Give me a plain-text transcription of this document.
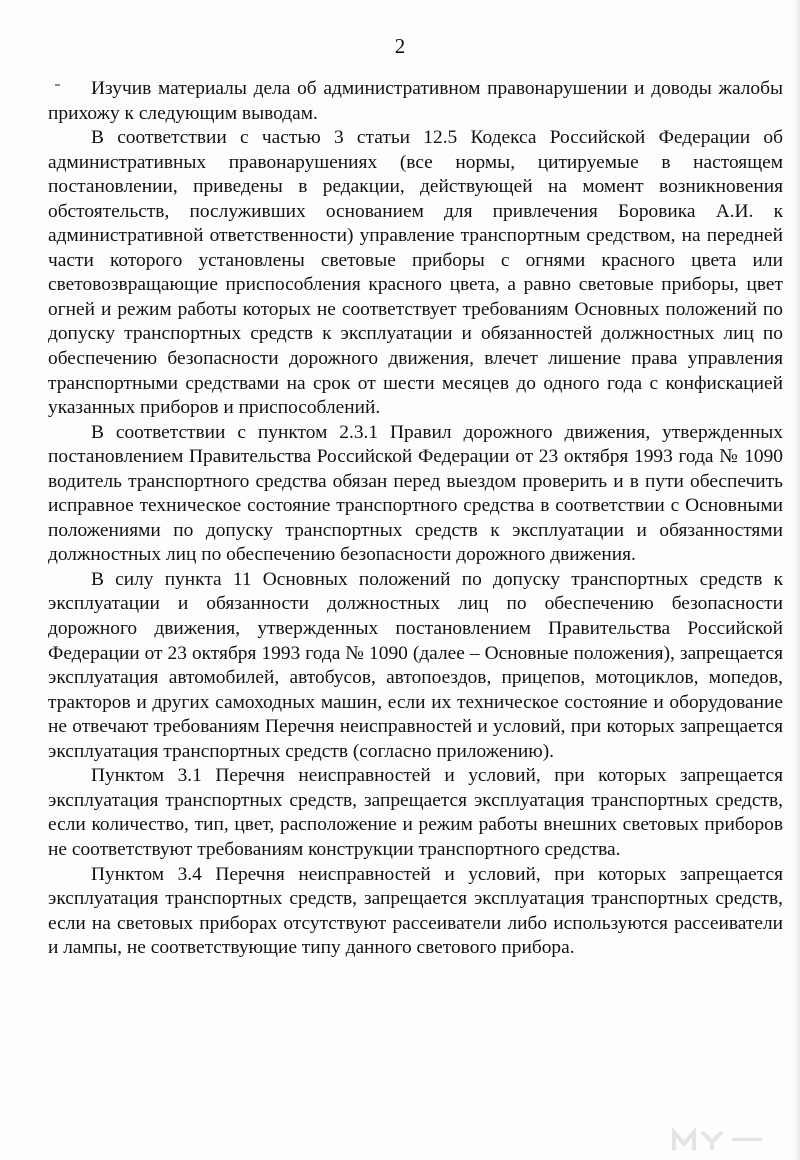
2

Изучив материалы дела об административном правонарушении и доводы жалобы прихожу к следующим выводам.

В соответствии с частью 3 статьи 12.5 Кодекса Российской Федерации об административных правонарушениях (все нормы, цитируемые в настоящем постановлении, приведены в редакции, действующей на момент возникновения обстоятельств, послуживших основанием для привлечения Боровика А.И. к административной ответственности) управление транспортным средством, на передней части которого установлены световые приборы с огнями красного цвета или световозвращающие приспособления красного цвета, а равно световые приборы, цвет огней и режим работы которых не соответствует требованиям Основных положений по допуску транспортных средств к эксплуатации и обязанностей должностных лиц по обеспечению безопасности дорожного движения, влечет лишение права управления транспортными средствами на срок от шести месяцев до одного года с конфискацией указанных приборов и приспособлений.

В соответствии с пунктом 2.3.1 Правил дорожного движения, утвержденных постановлением Правительства Российской Федерации от 23 октября 1993 года № 1090 водитель транспортного средства обязан перед выездом проверить и в пути обеспечить исправное техническое состояние транспортного средства в соответствии с Основными положениями по допуску транспортных средств к эксплуатации и обязанностями должностных лиц по обеспечению безопасности дорожного движения.

В силу пункта 11 Основных положений по допуску транспортных средств к эксплуатации и обязанности должностных лиц по обеспечению безопасности дорожного движения, утвержденных постановлением Правительства Российской Федерации от 23 октября 1993 года № 1090 (далее – Основные положения), запрещается эксплуатация автомобилей, автобусов, автопоездов, прицепов, мотоциклов, мопедов, тракторов и других самоходных машин, если их техническое состояние и оборудование не отвечают требованиям Перечня неисправностей и условий, при которых запрещается эксплуатация транспортных средств (согласно приложению).

Пунктом 3.1 Перечня неисправностей и условий, при которых запрещается эксплуатация транспортных средств, запрещается эксплуатация транспортных средств, если количество, тип, цвет, расположение и режим работы внешних световых приборов не соответствуют требованиям конструкции транспортного средства.

Пунктом 3.4 Перечня неисправностей и условий, при которых запрещается эксплуатация транспортных средств, запрещается эксплуатация транспортных средств, если на световых приборах отсутствуют рассеиватели либо используются рассеиватели и лампы, не соответствующие типу данного светового прибора.
